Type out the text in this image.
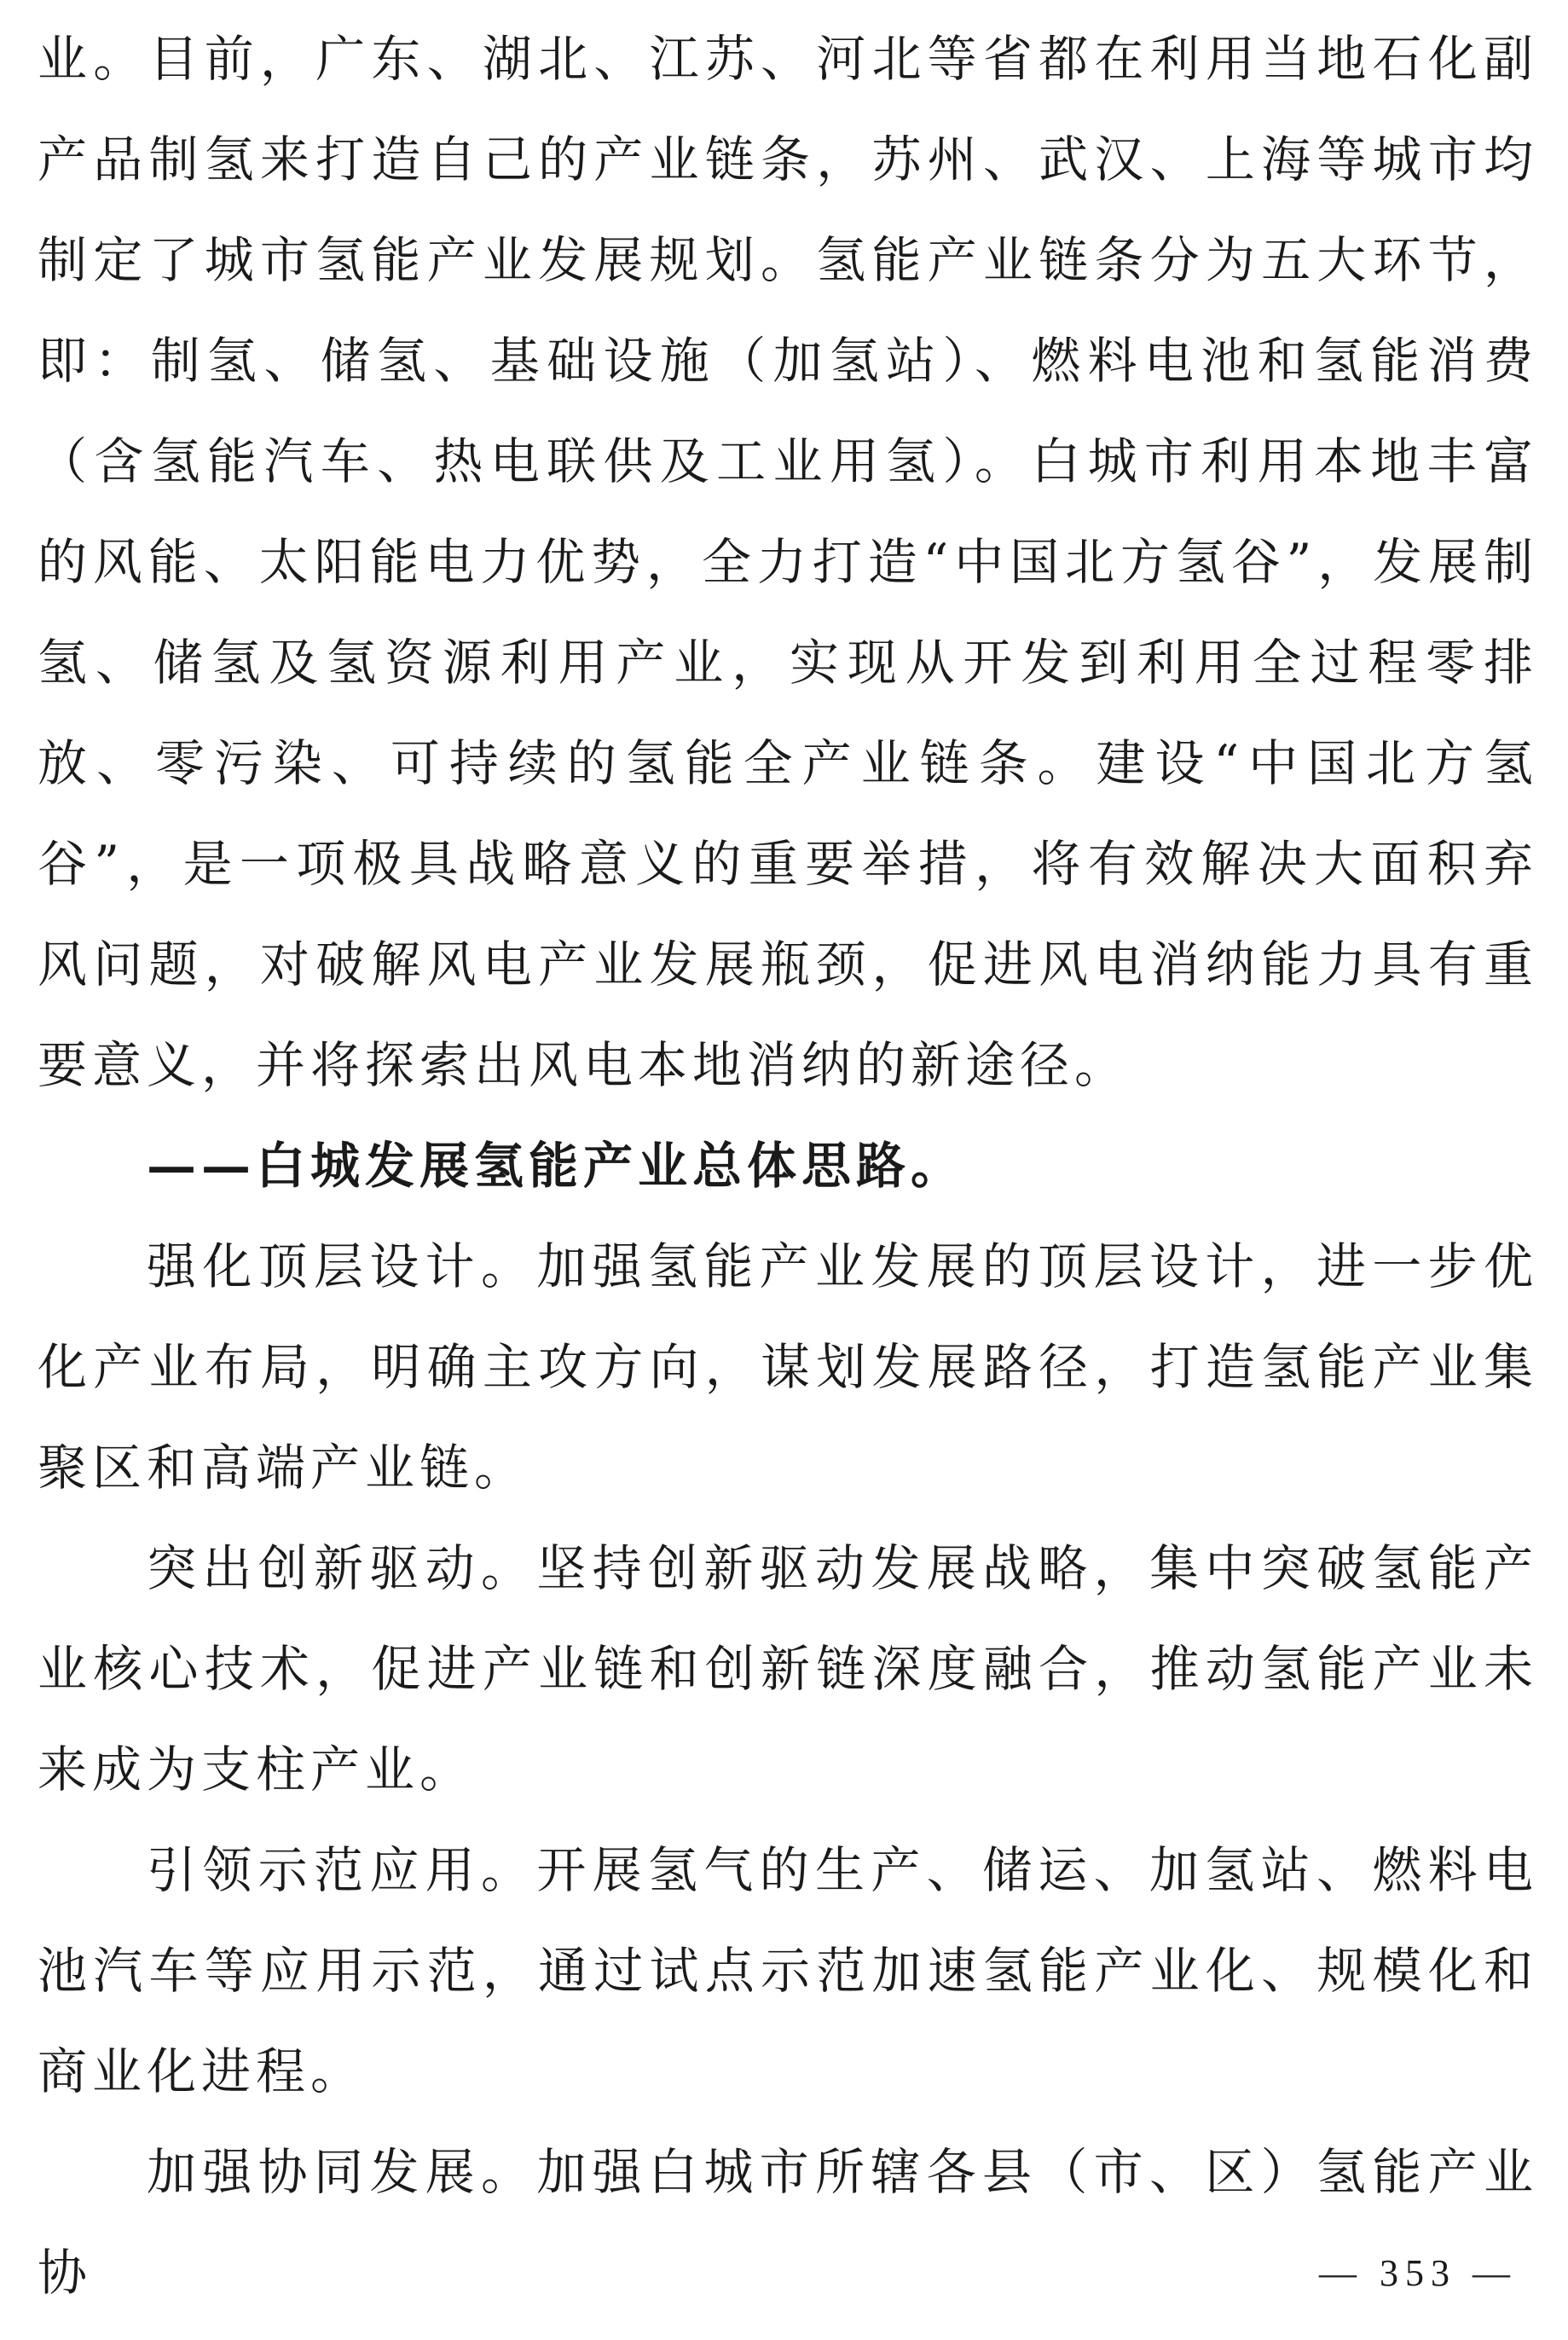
业。目前，广东、湖北、江苏、河北等省都在利用当地石化副产品制氢来打造自己的产业链条，苏州、武汉、上海等城市均制定了城市氢能产业发展规划。氢能产业链条分为五大环节，即：制氢、储氢、基础设施（加氢站）、燃料电池和氢能消费（含氢能汽车、热电联供及工业用氢）。白城市利用本地丰富的风能、太阳能电力优势，全力打造“中国北方氢谷”，发展制氢、储氢及氢资源利用产业，实现从开发到利用全过程零排放、零污染、可持续的氢能全产业链条。建设“中国北方氢谷”，是一项极具战略意义的重要举措，将有效解决大面积弃风问题，对破解风电产业发展瓶颈，促进风电消纳能力具有重要意义，并将探索出风电本地消纳的新途径。

——白城发展氢能产业总体思路。

强化顶层设计。加强氢能产业发展的顶层设计，进一步优化产业布局，明确主攻方向，谋划发展路径，打造氢能产业集聚区和高端产业链。

突出创新驱动。坚持创新驱动发展战略，集中突破氢能产业核心技术，促进产业链和创新链深度融合，推动氢能产业未来成为支柱产业。

引领示范应用。开展氢气的生产、储运、加氢站、燃料电池汽车等应用示范，通过试点示范加速氢能产业化、规模化和商业化进程。

加强协同发展。加强白城市所辖各县（市、区）氢能产业协	— 353 —
